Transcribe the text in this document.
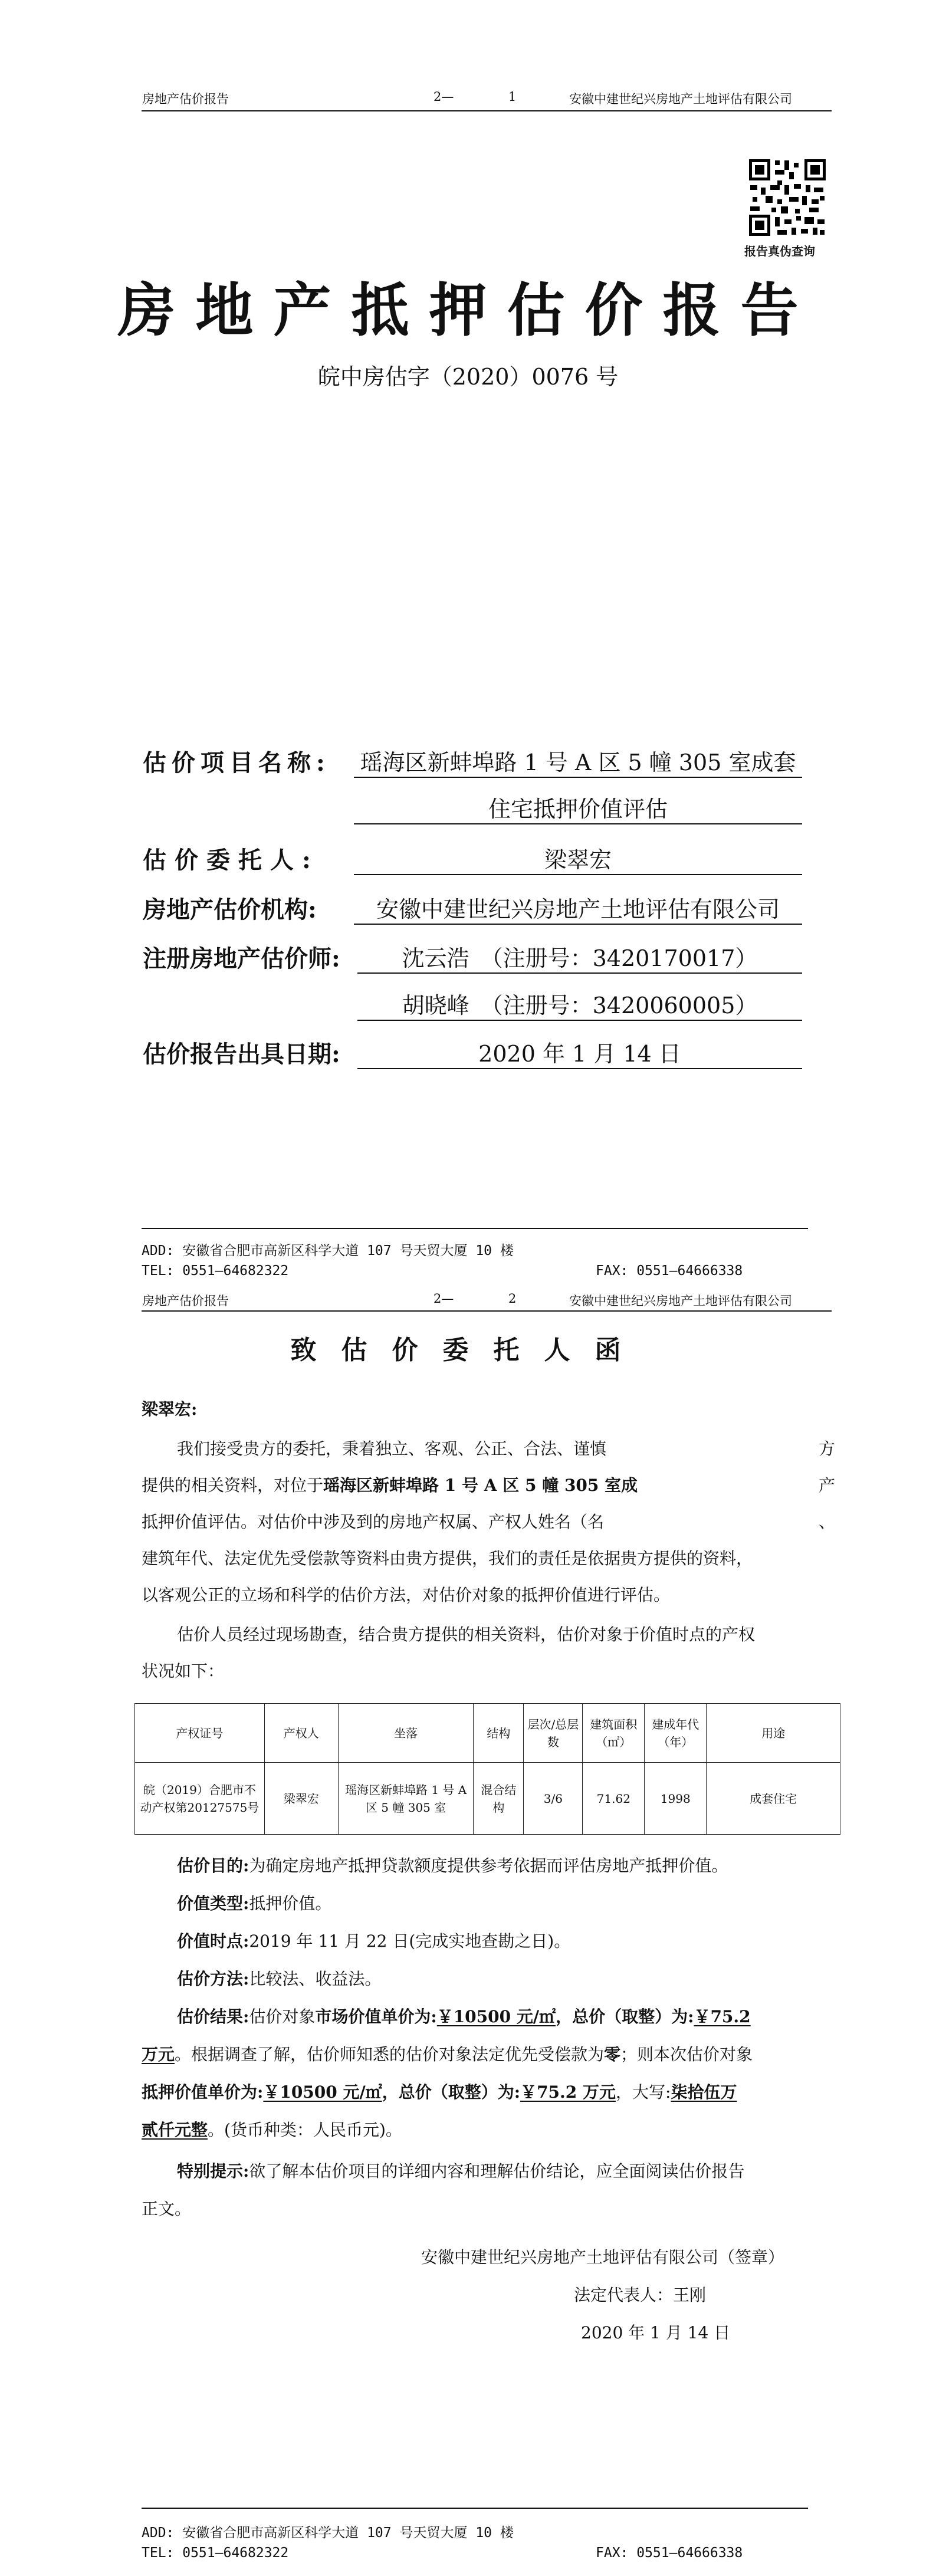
房地产估价报告	2—	1	安徽中建世纪兴房地产土地评估有限公司
报告真伪查询
房地产抵押估价报告
皖中房估字（2020）0076 号
估价项目名称: 瑶海区新蚌埠路 1 号 A 区 5 幢 305 室成套
住宅抵押价值评估
估价委托人:	梁翠宏
房地产估价机构:	安徽中建世纪兴房地产土地评估有限公司
注册房地产估价师:	沈云浩　（注册号：3420170017）
胡晓峰　（注册号：3420060005）
估价报告出具日期:	2020 年 1 月 14 日
ADD: 安徽省合肥市高新区科学大道 107 号天贸大厦 10 楼
TEL: 0551—64682322	FAX: 0551—64666338
房地产估价报告	2—	2	安徽中建世纪兴房地产土地评估有限公司
致估价委托人函
梁翠宏:
我们接受贵方的委托，秉着独立、客观、公正、合法、谨慎	方
提供的相关资料，对位于瑶海区新蚌埠路 1 号 A 区 5 幢 305 室成	产
抵押价值评估。对估价中涉及到的房地产权属、产权人姓名（名	、
建筑年代、法定优先受偿款等资料由贵方提供，我们的责任是依据贵方提供的资料，
以客观公正的立场和科学的估价方法，对估价对象的抵押价值进行评估。
估价人员经过现场勘查，结合贵方提供的相关资料，估价对象于价值时点的产权
状况如下：
产权证号	产权人	坐落	结构	层次/总层数	建筑面积（㎡）	建成年代（年）	用途
皖（2019）合肥市不动产权第20127575号	梁翠宏	瑶海区新蚌埠路 1 号 A 区 5 幢 305 室	混合结构	3/6	71.62	1998	成套住宅
估价目的:为确定房地产抵押贷款额度提供参考依据而评估房地产抵押价值。
价值类型:抵押价值。
价值时点:2019 年 11 月 22 日(完成实地查勘之日)。
估价方法:比较法、收益法。
估价结果:估价对象市场价值单价为:￥10500 元/㎡，总价（取整）为:￥75.2
万元。根据调查了解，估价师知悉的估价对象法定优先受偿款为零；则本次估价对象
抵押价值单价为:￥10500 元/㎡，总价（取整）为:￥75.2 万元，大写:柒拾伍万
贰仟元整。(货币种类：人民币元)。
特别提示:欲了解本估价项目的详细内容和理解估价结论，应全面阅读估价报告
正文。
安徽中建世纪兴房地产土地评估有限公司（签章）
法定代表人：王刚
2020 年 1 月 14 日
ADD: 安徽省合肥市高新区科学大道 107 号天贸大厦 10 楼
TEL: 0551—64682322	FAX: 0551—64666338
